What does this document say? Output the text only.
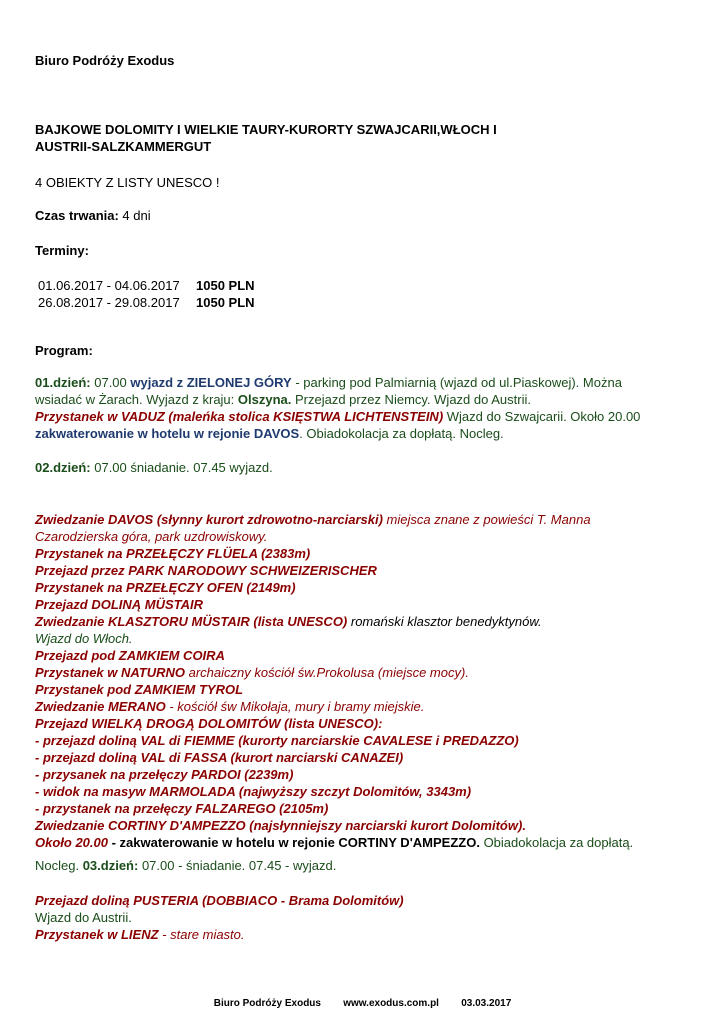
Biuro Podróży Exodus
BAJKOWE DOLOMITY I WIELKIE TAURY-KURORTY SZWAJCARII,WŁOCH I
AUSTRII-SALZKAMMERGUT
4 OBIEKTY Z LISTY UNESCO !
Czas trwania: 4 dni
Terminy:
01.06.2017 - 04.06.2017 1050 PLN
26.08.2017 - 29.08.2017 1050 PLN
Program:
01.dzień: 07.00 wyjazd z ZIELONEJ GÓRY - parking pod Palmiarnią (wjazd od ul.Piaskowej). Można
wsiadać w Żarach. Wyjazd z kraju: Olszyna. Przejazd przez Niemcy. Wjazd do Austrii.
Przystanek w VADUZ (maleńka stolica KSIĘSTWA LICHTENSTEIN) Wjazd do Szwajcarii. Około 20.00
zakwaterowanie w hotelu w rejonie DAVOS. Obiadokolacja za dopłatą. Nocleg.
02.dzień: 07.00 śniadanie. 07.45 wyjazd.
Zwiedzanie DAVOS (słynny kurort zdrowotno-narciarski) miejsca znane z powieści T. Manna
Czarodzierska góra, park uzdrowiskowy.
Przystanek na PRZEŁĘCZY FLÜELA (2383m)
Przejazd przez PARK NARODOWY SCHWEIZERISCHER
Przystanek na PRZEŁĘCZY OFEN (2149m)
Przejazd DOLINĄ MÜSTAIR
Zwiedzanie KLASZTORU MÜSTAIR (lista UNESCO) romański klasztor benedyktynów.
Wjazd do Włoch.
Przejazd pod ZAMKIEM COIRA
Przystanek w NATURNO archaiczny kościół św.Prokolusa (miejsce mocy).
Przystanek pod ZAMKIEM TYROL
Zwiedzanie MERANO - kościół św Mikołaja, mury i bramy miejskie.
Przejazd WIELKĄ DROGĄ DOLOMITÓW (lista UNESCO):
- przejazd doliną VAL di FIEMME (kurorty narciarskie CAVALESE i PREDAZZO)
- przejazd doliną VAL di FASSA (kurort narciarski CANAZEI)
- przysanek na przełęczy PARDOI (2239m)
- widok na masyw MARMOLADA (najwyższy szczyt Dolomitów, 3343m)
- przystanek na przełęczy FALZAREGO (2105m)
Zwiedzanie CORTINY D'AMPEZZO (najsłynniejszy narciarski kurort Dolomitów).
Około 20.00 - zakwaterowanie w hotelu w rejonie CORTINY D'AMPEZZO. Obiadokolacja za dopłatą.
Nocleg. 03.dzień: 07.00 - śniadanie. 07.45 - wyjazd.
Przejazd doliną PUSTERIA (DOBBIACO - Brama Dolomitów)
Wjazd do Austrii.
Przystanek w LIENZ - stare miasto.
Biuro Podróży Exodus www.exodus.com.pl 03.03.2017
